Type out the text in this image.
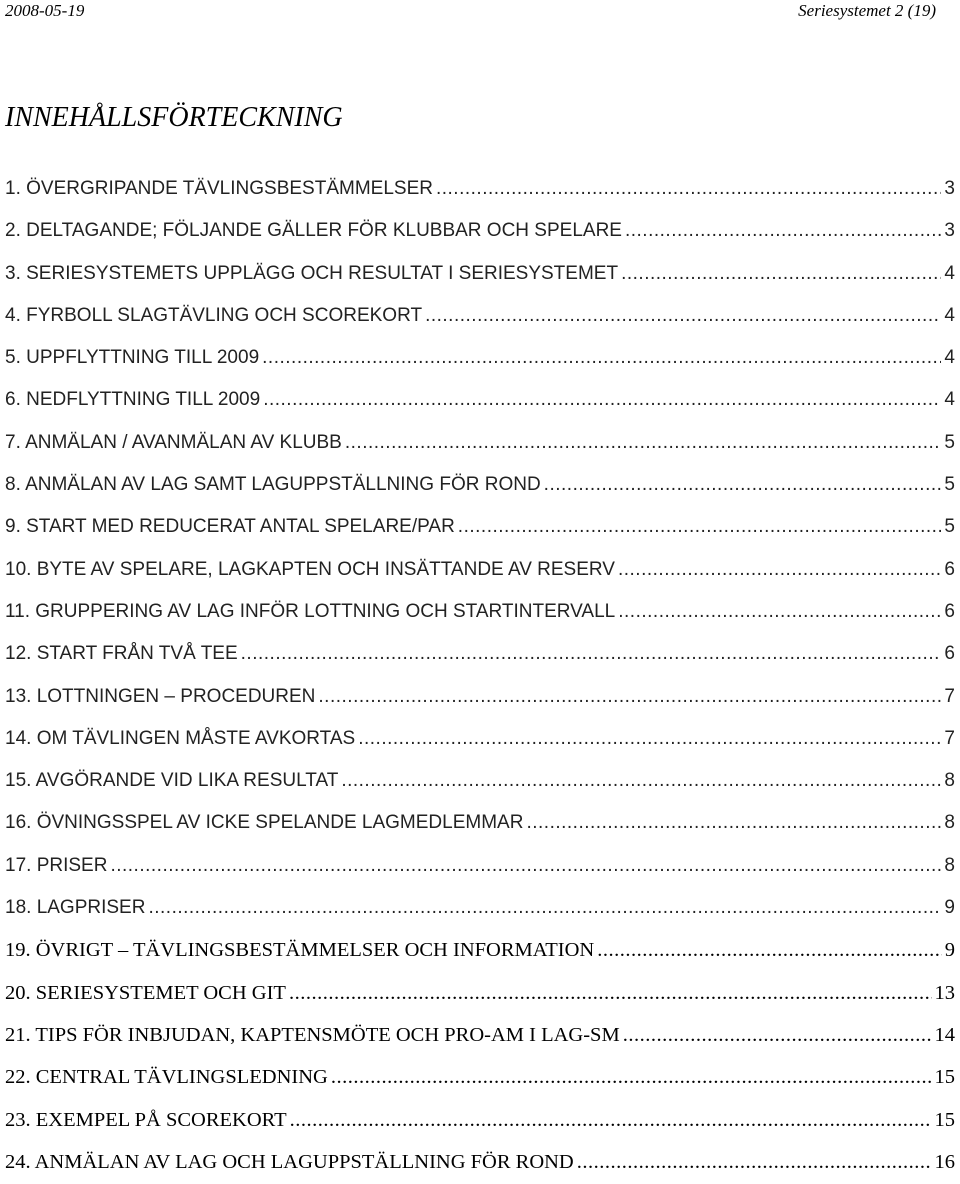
2008-05-19	Seriesystemet 2 (19)
INNEHÅLLSFÖRTECKNING
1. ÖVERGRIPANDE TÄVLINGSBESTÄMMELSER .....	3
2. DELTAGANDE; FÖLJANDE GÄLLER FÖR KLUBBAR OCH SPELARE .....	3
3. SERIESYSTEMETS UPPLÄGG OCH RESULTAT I SERIESYSTEMET .....	4
4. FYRBOLL SLAGTÄVLING OCH SCOREKORT .....	4
5. UPPFLYTTNING TILL 2009 .....	4
6. NEDFLYTTNING TILL 2009 .....	4
7. ANMÄLAN / AVANMÄLAN AV KLUBB .....	5
8. ANMÄLAN AV LAG SAMT LAGUPPSTÄLLNING FÖR ROND .....	5
9. START MED REDUCERAT ANTAL SPELARE/PAR .....	5
10. BYTE AV SPELARE, LAGKAPTEN OCH INSÄTTANDE AV RESERV .....	6
11. GRUPPERING AV LAG INFÖR LOTTNING OCH STARTINTERVALL .....	6
12. START FRÅN TVÅ TEE .....	6
13. LOTTNINGEN – PROCEDUREN .....	7
14. OM TÄVLINGEN MÅSTE AVKORTAS .....	7
15. AVGÖRANDE VID LIKA RESULTAT .....	8
16. ÖVNINGSSPEL AV ICKE SPELANDE LAGMEDLEMMAR .....	8
17. PRISER .....	8
18. LAGPRISER .....	9
19. ÖVRIGT – TÄVLINGSBESTÄMMELSER OCH INFORMATION .....	9
20. SERIESYSTEMET OCH GIT .....	13
21. TIPS FÖR INBJUDAN, KAPTENSMÖTE OCH PRO-AM I LAG-SM .....	14
22. CENTRAL TÄVLINGSLEDNING .....	15
23. EXEMPEL PÅ SCOREKORT .....	15
24. ANMÄLAN AV LAG OCH LAGUPPSTÄLLNING FÖR ROND .....	16
